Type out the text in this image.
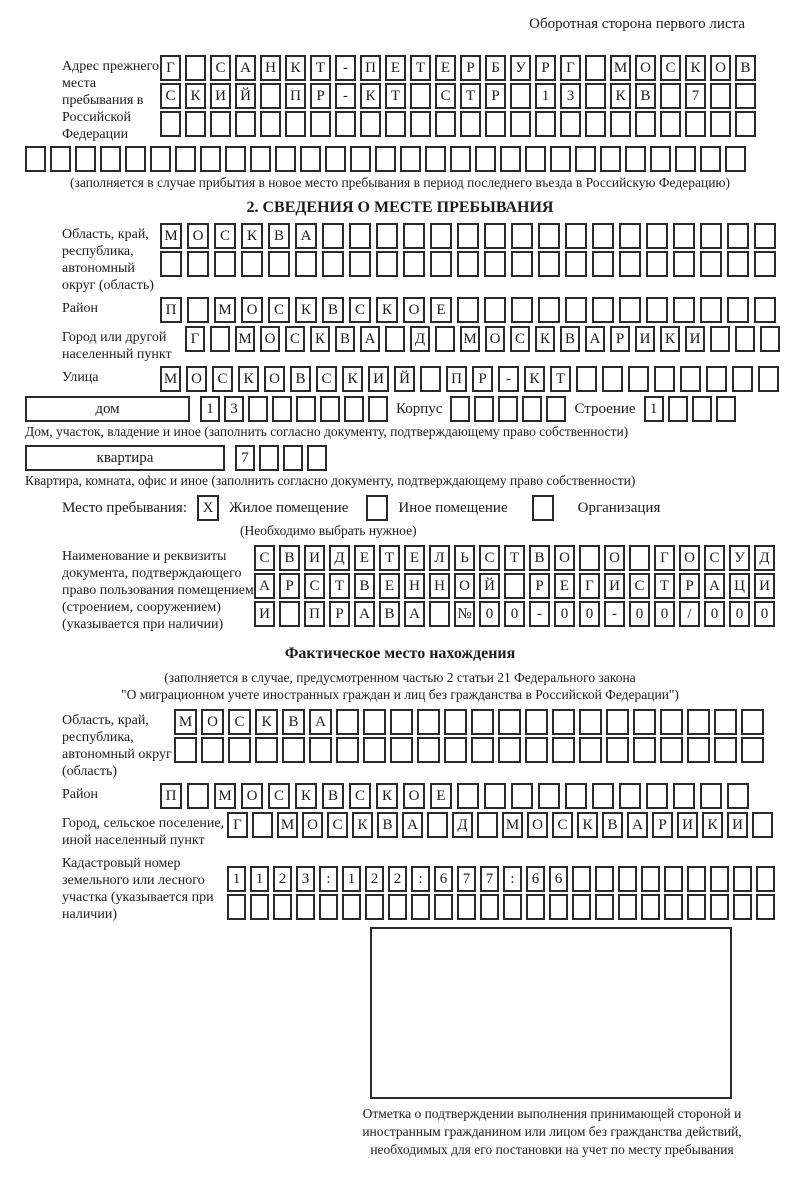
Оборотная сторона первого листа
Адрес прежнего места пребывания в Российской Федерации
Г	С А Н К	Т	-	П Е	Т	Е	Р	Б	У	Р	Г	М О С К О В
С К И Й	П	Р	-	К	Т	С	Т	Р	1	3	К В	7
(заполняется в случае прибытия в новое место пребывания в период последнего въезда в Российскую Федерацию)
2. СВЕДЕНИЯ О МЕСТЕ ПРЕБЫВАНИЯ
Область, край, республика, автономный округ (область)
М О	С	К	В	А
Район	П	М О	С	К	В	С	К	О	Е
Город или другой населенный пункт
Г	М О С К В А	Д	М О С К В А	Р	И К И
Улица	М О	С	К	О	В	С	К	И	Й	П	Р	-	К	Т
дом	1	3	Корпус	Строение 1
Дом, участок, владение и иное (заполнить согласно документу, подтверждающему право собственности)
квартира	7
Квартира, комната, офис и иное (заполнить согласно документу, подтверждающему право собственности)
Место пребывания:	X	Жилое помещение	Иное помещение	Организация
(Необходимо выбрать нужное)
Наименование и реквизиты документа, подтверждающего право пользования помещением (строением, сооружением) (указывается при наличии)
С В И Д	Е	Т	Е	Л	Ь	С	Т	В О	О	Г	О С У Д
А	Р	С	Т	В	Е	Н Н О Й	Р	Е	Г	И С	Т	Р	А Ц И
И	П	Р	А В А	№ 0	0	-	0	0	-	0	0	/	0	0	0
Фактическое место нахождения
(заполняется в случае, предусмотренном частью 2 статьи 21 Федерального закона
"О миграционном учете иностранных граждан и лиц без гражданства в Российской Федерации")
Область, край, республика, автономный округ (область)
М О	С	К	В	А
Район	П	М О	С	К	В	С	К	О	Е
Город, сельское поселение, иной населенный пункт
Г	М О С К В А	Д	М О С К В А	Р	И К И
Кадастровый номер земельного или лесного участка (указывается при наличии)
1	1	2	3	:	1	2	2	:	6	7	7	:	6	6
Отметка о подтверждении выполнения принимающей стороной и иностранным гражданином или лицом без гражданства действий, необходимых для его постановки на учет по месту пребывания
